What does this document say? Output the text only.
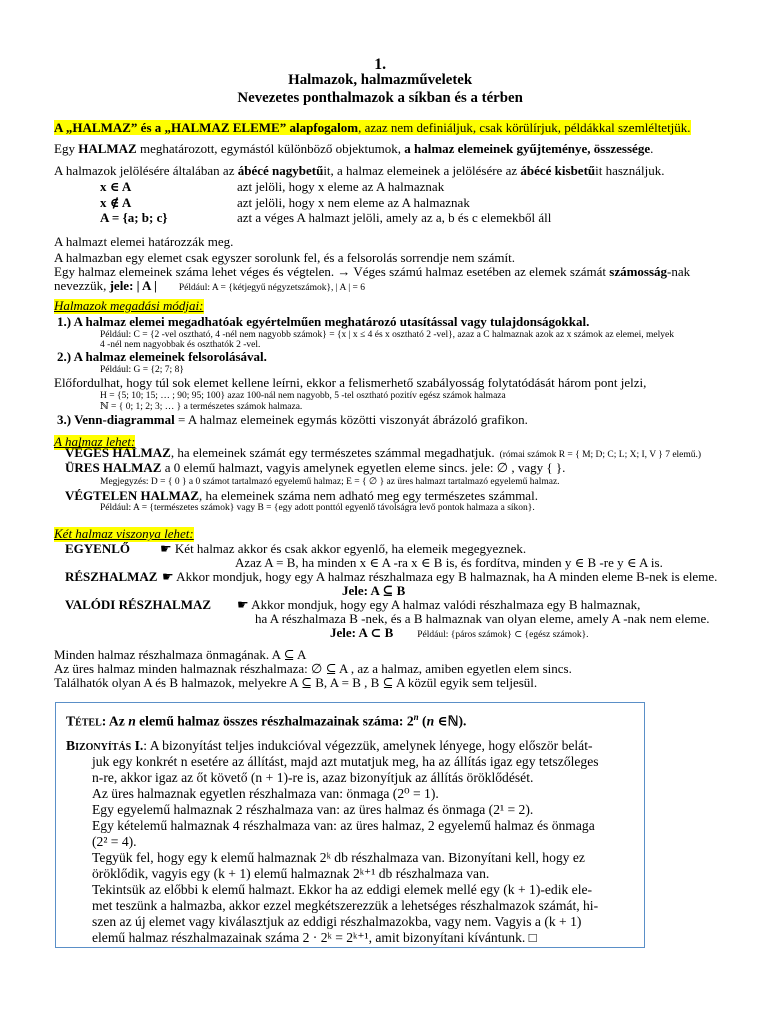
1.
Halmazok, halmazműveletek
Nevezetes ponthalmazok a síkban és a térben
A „HALMAZ” és a „HALMAZ ELEME” alapfogalom, azaz nem definiáljuk, csak körülírjuk, példákkal szemléltetjük.
Egy HALMAZ meghatározott, egymástól különböző objektumok, a halmaz elemeinek gyűjteménye, összessége.
A halmazok jelölésére általában az ábécé nagybetűit, a halmaz elemeinek a jelölésére az ábécé kisbetűit használjuk.
x ∈ A	azt jelöli, hogy x eleme az A halmaznak
x ∉ A	azt jelöli, hogy x nem eleme az A halmaznak
A = {a; b; c}	azt a véges A halmazt jelöli, amely az a, b és c elemekből áll
A halmazt elemei határozzák meg.
A halmazban egy elemet csak egyszer sorolunk fel, és a felsorolás sorrendje nem számít.
Egy halmaz elemeinek száma lehet véges és végtelen. → Véges számú halmaz esetében az elemek számát számosság-nak
nevezzük, jele: | A | Például: A = {kétjegyű négyzetszámok}, | A | = 6
Halmazok megadási módjai:
1.) A halmaz elemei megadhatóak egyértelműen meghatározó utasítással vagy tulajdonságokkal.
Például: C = {2 -vel osztható, 4 -nél nem nagyobb számok} = {x | x ≤ 4 és x osztható 2 -vel}, azaz a C halmaznak azok az x számok az elemei, melyek
4 -nél nem nagyobbak és oszthatók 2 -vel.
2.) A halmaz elemeinek felsorolásával.
Például: G = {2; 7; 8}
Előfordulhat, hogy túl sok elemet kellene leírni, ekkor a felismerhető szabályosság folytatódását három pont jelzi,
H = {5; 10; 15; … ; 90; 95; 100} azaz 100-nál nem nagyobb, 5 -tel osztható pozitív egész számok halmaza
ℕ = { 0; 1; 2; 3; … } a természetes számok halmaza.
3.) Venn-diagrammal = A halmaz elemeinek egymás közötti viszonyát ábrázoló grafikon.
A halmaz lehet:
VÉGES HALMAZ, ha elemeinek számát egy természetes számmal megadhatjuk. (római számok R = { M; D; C; L; X; I, V } 7 elemű.)
ÜRES HALMAZ a 0 elemű halmazt, vagyis amelynek egyetlen eleme sincs. jele: ∅ , vagy { }.
Megjegyzés: D = { 0 } a 0 számot tartalmazó egyelemű halmaz; E = { ∅ } az üres halmazt tartalmazó egyelemű halmaz.
VÉGTELEN HALMAZ, ha elemeinek száma nem adható meg egy természetes számmal.
Például: A = {természetes számok} vagy B = {egy adott ponttól egyenlő távolságra levő pontok halmaza a síkon}.
Két halmaz viszonya lehet:
EGYENLŐ ☛ Két halmaz akkor és csak akkor egyenlő, ha elemeik megegyeznek.
Azaz A = B, ha minden x ∈ A -ra x ∈ B is, és fordítva, minden y ∈ B -re y ∈ A is.
RÉSZHALMAZ ☛ Akkor mondjuk, hogy egy A halmaz részhalmaza egy B halmaznak, ha A minden eleme B-nek is eleme.
Jele: A ⊆ B
VALÓDI RÉSZHALMAZ ☛ Akkor mondjuk, hogy egy A halmaz valódi részhalmaza egy B halmaznak,
ha A részhalmaza B -nek, és a B halmaznak van olyan eleme, amely A -nak nem eleme.
Jele: A ⊂ B	Például: {páros számok} ⊂ {egész számok}.
Minden halmaz részhalmaza önmagának. A ⊆ A
Az üres halmaz minden halmaznak részhalmaza: ∅ ⊆ A , az a halmaz, amiben egyetlen elem sincs.
Találhatók olyan A és B halmazok, melyekre A ⊆ B, A = B , B ⊆ A közül egyik sem teljesül.
Tétel: Az n elemű halmaz összes részhalmazainak száma: 2$^n$ (n ∈ℕ).
Bizonyítás I.: A bizonyítást teljes indukcióval végezzük, amelynek lényege, hogy először belát-
juk egy konkrét n esetére az állítást, majd azt mutatjuk meg, ha az állítás igaz egy tetszőleges
n-re, akkor igaz az őt követő (n + 1)-re is, azaz bizonyítjuk az állítás öröklődését.
Az üres halmaznak egyetlen részhalmaza van: önmaga (2⁰ = 1).
Egy egyelemű halmaznak 2 részhalmaza van: az üres halmaz és önmaga (2¹ = 2).
Egy kételemű halmaznak 4 részhalmaza van: az üres halmaz, 2 egyelemű halmaz és önmaga
(2² = 4).
Tegyük fel, hogy egy k elemű halmaznak 2ᵏ db részhalmaza van. Bizonyítani kell, hogy ez
öröklődik, vagyis egy (k + 1) elemű halmaznak 2ᵏ⁺¹ db részhalmaza van.
Tekintsük az előbbi k elemű halmazt. Ekkor ha az eddigi elemek mellé egy (k + 1)-edik ele-
met teszünk a halmazba, akkor ezzel megkétszerezzük a lehetséges részhalmazok számát, hi-
szen az új elemet vagy kiválasztjuk az eddigi részhalmazokba, vagy nem. Vagyis a (k + 1)
elemű halmaz részhalmazainak száma 2 · 2ᵏ = 2ᵏ⁺¹, amit bizonyítani kívántunk. □
